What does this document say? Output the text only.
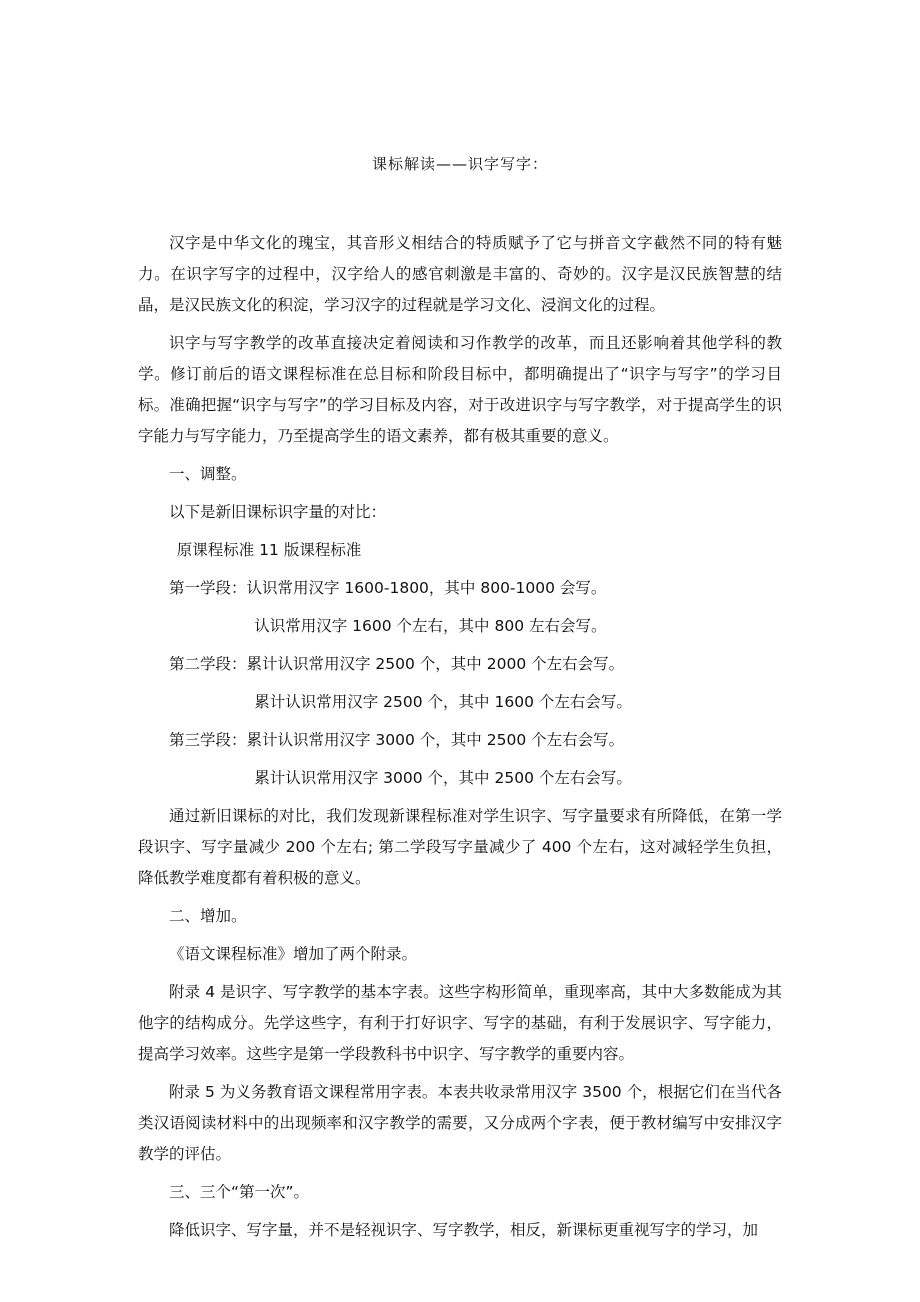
课标解读——识字写字：

汉字是中华文化的瑰宝，其音形义相结合的特质赋予了它与拼音文字截然不同的特有魅力。在识字写字的过程中，汉字给人的感官刺激是丰富的、奇妙的。汉字是汉民族智慧的结晶，是汉民族文化的积淀，学习汉字的过程就是学习文化、浸润文化的过程。

识字与写字教学的改革直接决定着阅读和习作教学的改革，而且还影响着其他学科的教学。修订前后的语文课程标准在总目标和阶段目标中，都明确提出了“识字与写字”的学习目标。准确把握“识字与写字”的学习目标及内容，对于改进识字与写字教学，对于提高学生的识字能力与写字能力，乃至提高学生的语文素养，都有极其重要的意义。

一、调整。
以下是新旧课标识字量的对比：
原课程标准 11 版课程标准
第一学段：认识常用汉字 1600-1800，其中 800-1000 会写。
认识常用汉字 1600 个左右，其中 800 左右会写。
第二学段：累计认识常用汉字 2500 个，其中 2000 个左右会写。
累计认识常用汉字 2500 个，其中 1600 个左右会写。
第三学段：累计认识常用汉字 3000 个，其中 2500 个左右会写。
累计认识常用汉字 3000 个，其中 2500 个左右会写。

通过新旧课标的对比，我们发现新课程标准对学生识字、写字量要求有所降低，在第一学段识字、写字量减少 200 个左右; 第二学段写字量减少了 400 个左右，这对减轻学生负担，降低教学难度都有着积极的意义。

二、增加。
《语文课程标准》增加了两个附录。

附录 4 是识字、写字教学的基本字表。这些字构形简单，重现率高，其中大多数能成为其他字的结构成分。先学这些字，有利于打好识字、写字的基础，有利于发展识字、写字能力，提高学习效率。这些字是第一学段教科书中识字、写字教学的重要内容。

附录 5 为义务教育语文课程常用字表。本表共收录常用汉字 3500 个，根据它们在当代各类汉语阅读材料中的出现频率和汉字教学的需要，又分成两个字表，便于教材编写中安排汉字教学的评估。

三、三个“第一次”。

降低识字、写字量，并不是轻视识字、写字教学，相反，新课标更重视写字的学习，加
